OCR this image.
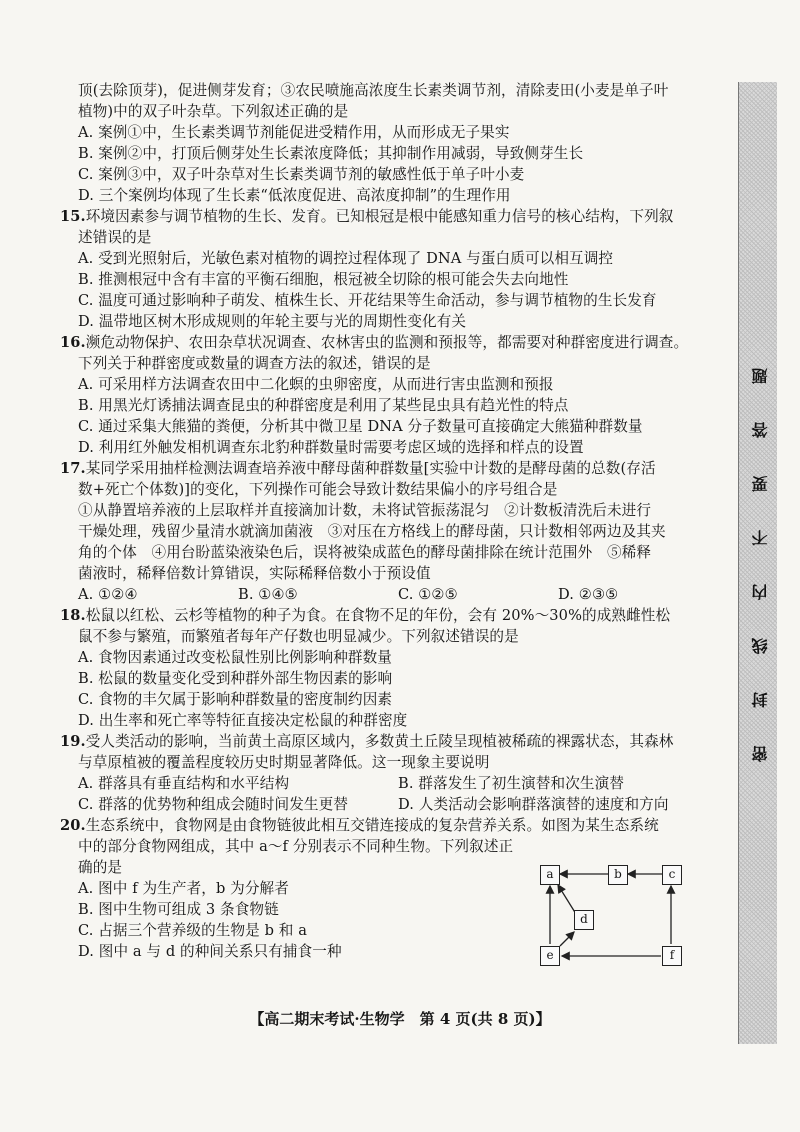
顶(去除顶芽)，促进侧芽发育；③农民喷施高浓度生长素类调节剂，清除麦田(小麦是单子叶
植物)中的双子叶杂草。下列叙述正确的是
A. 案例①中，生长素类调节剂能促进受精作用，从而形成无子果实
B. 案例②中，打顶后侧芽处生长素浓度降低；其抑制作用减弱，导致侧芽生长
C. 案例③中，双子叶杂草对生长素类调节剂的敏感性低于单子叶小麦
D. 三个案例均体现了生长素“低浓度促进、高浓度抑制”的生理作用
15.环境因素参与调节植物的生长、发育。已知根冠是根中能感知重力信号的核心结构，下列叙
述错误的是
A. 受到光照射后，光敏色素对植物的调控过程体现了 DNA 与蛋白质可以相互调控
B. 推测根冠中含有丰富的平衡石细胞，根冠被全切除的根可能会失去向地性
C. 温度可通过影响种子萌发、植株生长、开花结果等生命活动，参与调节植物的生长发育
D. 温带地区树木形成规则的年轮主要与光的周期性变化有关
16.濒危动物保护、农田杂草状况调查、农林害虫的监测和预报等，都需要对种群密度进行调查。
下列关于种群密度或数量的调查方法的叙述，错误的是
A. 可采用样方法调查农田中二化螟的虫卵密度，从而进行害虫监测和预报
B. 用黑光灯诱捕法调查昆虫的种群密度是利用了某些昆虫具有趋光性的特点
C. 通过采集大熊猫的粪便，分析其中微卫星 DNA 分子数量可直接确定大熊猫种群数量
D. 利用红外触发相机调查东北豹种群数量时需要考虑区域的选择和样点的设置
17.某同学采用抽样检测法调查培养液中酵母菌种群数量[实验中计数的是酵母菌的总数(存活
数+死亡个体数)]的变化，下列操作可能会导致计数结果偏小的序号组合是
①从静置培养液的上层取样并直接滴加计数，未将试管振荡混匀　②计数板清洗后未进行
干燥处理，残留少量清水就滴加菌液　③对压在方格线上的酵母菌，只计数相邻两边及其夹
角的个体　④用台盼蓝染液染色后，误将被染成蓝色的酵母菌排除在统计范围外　⑤稀释
菌液时，稀释倍数计算错误，实际稀释倍数小于预设值
A. ①②④	B. ①④⑤	C. ①②⑤	D. ②③⑤
18.松鼠以红松、云杉等植物的种子为食。在食物不足的年份，会有 20%～30%的成熟雌性松
鼠不参与繁殖，而繁殖者每年产仔数也明显减少。下列叙述错误的是
A. 食物因素通过改变松鼠性别比例影响种群数量
B. 松鼠的数量变化受到种群外部生物因素的影响
C. 食物的丰欠属于影响种群数量的密度制约因素
D. 出生率和死亡率等特征直接决定松鼠的种群密度
19.受人类活动的影响，当前黄土高原区域内，多数黄土丘陵呈现植被稀疏的裸露状态，其森林
与草原植被的覆盖程度较历史时期显著降低。这一现象主要说明
A. 群落具有垂直结构和水平结构	B. 群落发生了初生演替和次生演替
C. 群落的优势物种组成会随时间发生更替	D. 人类活动会影响群落演替的速度和方向
20.生态系统中，食物网是由食物链彼此相互交错连接成的复杂营养关系。如图为某生态系统
中的部分食物网组成，其中 a～f 分别表示不同种生物。下列叙述正
确的是
A. 图中 f 为生产者，b 为分解者
B. 图中生物可组成 3 条食物链
C. 占据三个营养级的生物是 b 和 a
D. 图中 a 与 d 的种间关系只有捕食一种
a	b	c
d
e	f
【高二期末考试·生物学　第 4 页(共 8 页)】
密封线内不要答题
